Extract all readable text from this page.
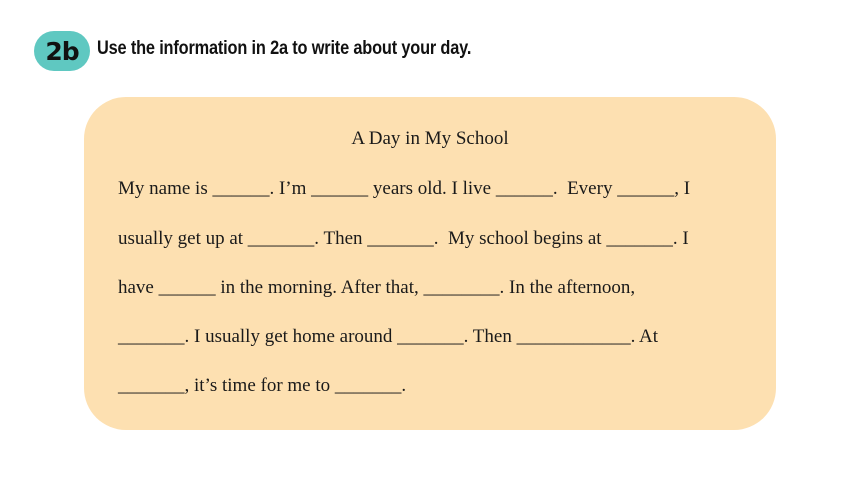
2b Use the information in 2a to write about your day.
A Day in My School
My name is ______. I’m ______ years old. I live ______.  Every ______, I
usually get up at _______. Then _______.  My school begins at _______. I
have ______ in the morning. After that, ________. In the afternoon,
_______. I usually get home around _______. Then ____________. At
_______, it’s time for me to _______.
